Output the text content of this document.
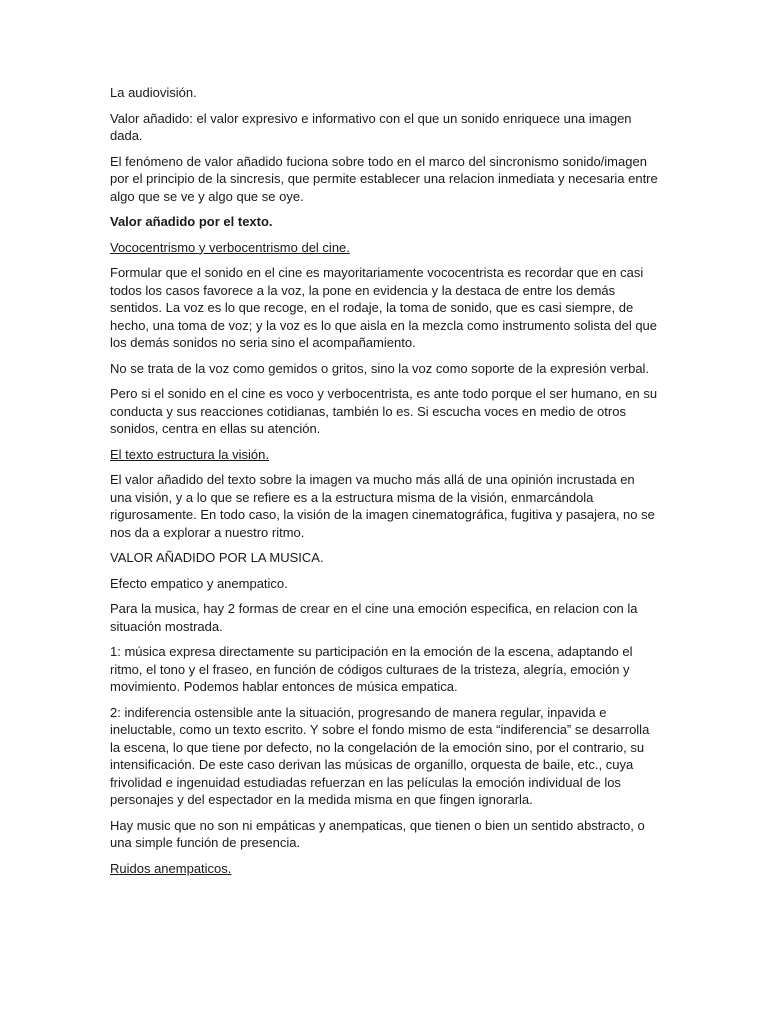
La audiovisión.

Valor añadido: el valor expresivo e informativo con el que un sonido enriquece una imagen dada.

El fenómeno de valor añadido fuciona sobre todo en el marco del sincronismo sonido/imagen por el principio de la sincresis, que permite establecer una relacion inmediata y necesaria entre algo que se ve y algo que se oye.

Valor añadido por el texto.

Vococentrismo y verbocentrismo del cine.

Formular que el sonido en el cine es mayoritariamente vococentrista es recordar que en casi todos los casos favorece a la voz, la pone en evidencia y la destaca de entre los demás sentidos. La voz es lo que recoge, en el rodaje, la toma de sonido, que es casi siempre, de hecho, una toma de voz; y la voz es lo que aisla en la mezcla como instrumento solista del que los demás sonidos no seria sino el acompañamiento.

No se trata de la voz como gemidos o gritos, sino la voz como soporte de la expresión verbal.

Pero si el sonido en el cine es voco y verbocentrista, es ante todo porque el ser humano, en su conducta y sus reacciones cotidianas, también lo es. Si escucha voces en medio de otros sonidos, centra en ellas su atención.

El texto estructura la visión.

El valor añadido del texto sobre la imagen va mucho más allá de una opinión incrustada en una visión, y a lo que se refiere es a la estructura misma de la visión, enmarcándola rigurosamente. En todo caso, la visión de la imagen cinematográfica, fugitiva y pasajera, no se nos da a explorar a nuestro ritmo.

VALOR AÑADIDO POR LA MUSICA.

Efecto empatico y anempatico.

Para la musica, hay 2 formas de crear en el cine una emoción especifica, en relacion con la situación mostrada.

1: música expresa directamente su participación en la emoción de la escena, adaptando el ritmo, el tono y el fraseo, en función de códigos culturaes de la tristeza, alegría, emoción y movimiento. Podemos hablar entonces de música empatica.

2: indiferencia ostensible ante la situación, progresando de manera regular, inpavida e ineluctable, como un texto escrito. Y sobre el fondo mismo de esta “indiferencia” se desarrolla la escena, lo que tiene por defecto, no la congelación de la emoción sino, por el contrario, su intensificación. De este caso derivan las músicas de organillo, orquesta de baile, etc., cuya frivolidad e ingenuidad estudiadas refuerzan en las películas la emoción individual de los personajes y del espectador en la medida misma en que fingen ignorarla.

Hay music que no son ni empáticas y anempaticas, que tienen o bien un sentido abstracto, o una simple función de presencia.

Ruidos anempaticos.
